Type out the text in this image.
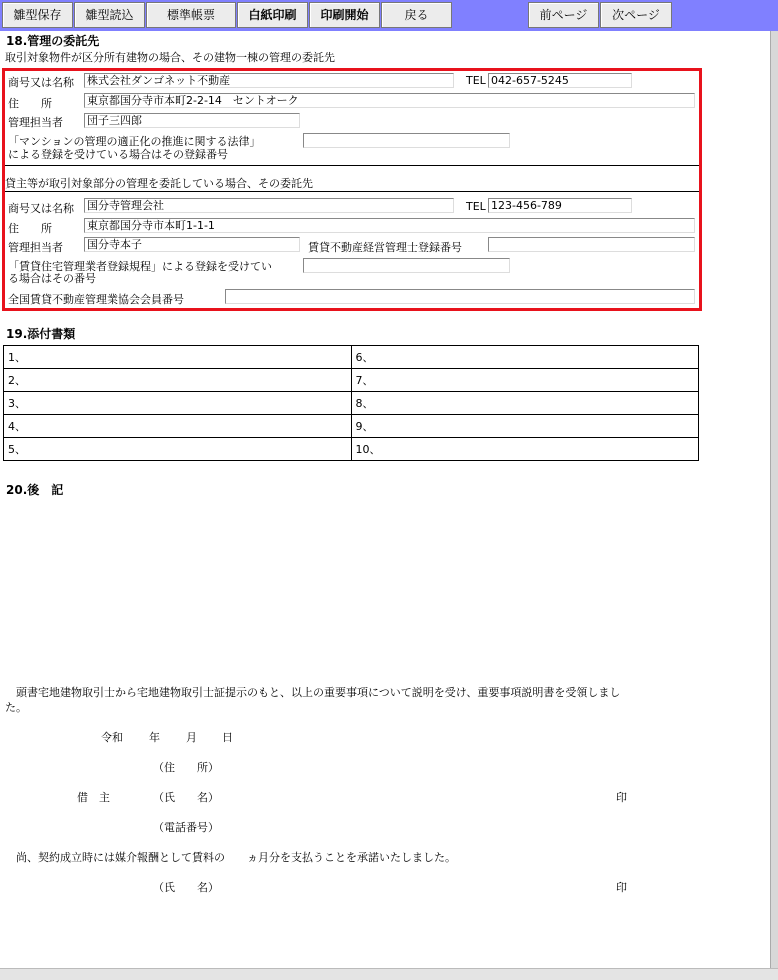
雛型保存	雛型読込	標準帳票	白紙印刷	印刷開始	戻る	前ページ	次ページ
18.管理の委託先
取引対象物件が区分所有建物の場合、その建物一棟の管理の委託先
商号又は名称 株式会社ダンゴネット不動産	TEL 042-657-5245
住　　所	東京都国分寺市本町2-2-14　セントオーク
管理担当者 団子三四郎
「マンションの管理の適正化の推進に関する法律」
による登録を受けている場合はその登録番号
貸主等が取引対象部分の管理を委託している場合、その委託先
商号又は名称 国分寺管理会社	TEL 123-456-789
住　　所	東京都国分寺市本町1-1-1
管理担当者 国分寺本子	賃貸不動産経営管理士登録番号
「賃貸住宅管理業者登録規程」による登録を受けてい
る場合はその番号
全国賃貸不動産管理業協会会員番号
19.添付書類
1、	6、
2、	7、
3、	8、
4、	9、
5、	10、
20.後　記
頭書宅地建物取引士から宅地建物取引士証提示のもと、以上の重要事項について説明を受け、重要事項説明書を受領しまし
た。
令和 年 月 日
（住　　所）
借　主	（氏　　名）	印
（電話番号）
尚、契約成立時には媒介報酬として賃料の　　ヵ月分を支払うことを承諾いたしました。
（氏　　名）	印
